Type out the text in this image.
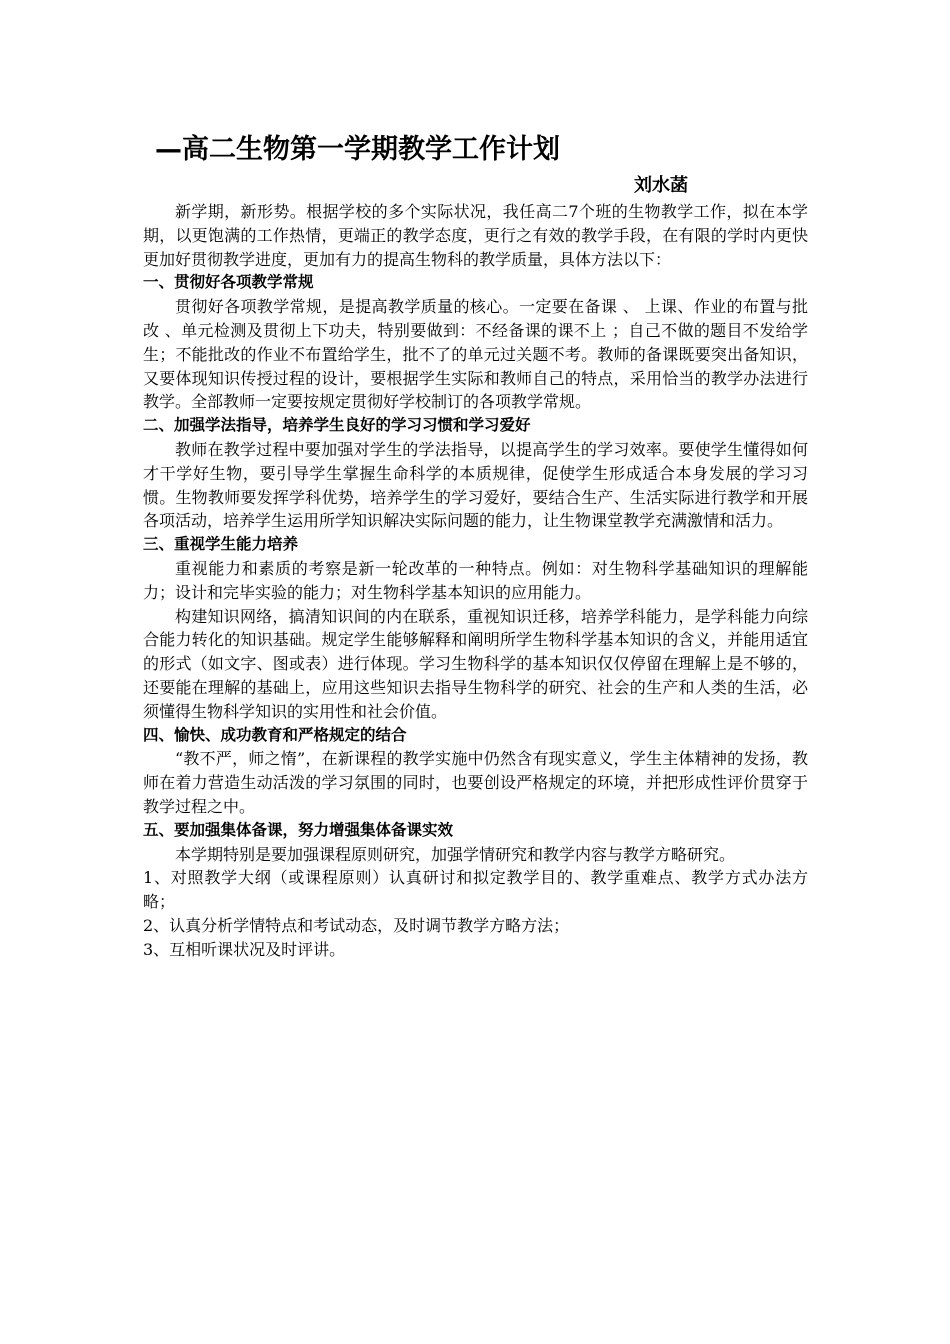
—高二生物第一学期教学工作计划
刘水菡

新学期，新形势。根据学校的多个实际状况，我任高二7个班的生物教学工作，拟在本学期，以更饱满的工作热情，更端正的教学态度，更行之有效的教学手段，在有限的学时内更快更加好贯彻教学进度，更加有力的提高生物科的教学质量，具体方法以下：

一、贯彻好各项教学常规

贯彻好各项教学常规，是提高教学质量的核心。一定要在备课 、 上课、作业的布置与批改 、单元检测及贯彻上下功夫，特别要做到：不经备课的课不上 ；自己不做的题目不发给学生；不能批改的作业不布置给学生，批不了的单元过关题不考。教师的备课既要突出备知识，又要体现知识传授过程的设计，要根据学生实际和教师自己的特点，采用恰当的教学办法进行教学。全部教师一定要按规定贯彻好学校制订的各项教学常规。

二、加强学法指导，培养学生良好的学习习惯和学习爱好

教师在教学过程中要加强对学生的学法指导，以提高学生的学习效率。要使学生懂得如何才干学好生物，要引导学生掌握生命科学的本质规律，促使学生形成适合本身发展的学习习惯。生物教师要发挥学科优势，培养学生的学习爱好，要结合生产、生活实际进行教学和开展各项活动，培养学生运用所学知识解决实际问题的能力，让生物课堂教学充满激情和活力。

三、重视学生能力培养

重视能力和素质的考察是新一轮改革的一种特点。例如：对生物科学基础知识的理解能力；设计和完毕实验的能力；对生物科学基本知识的应用能力。

构建知识网络，搞清知识间的内在联系，重视知识迁移，培养学科能力，是学科能力向综合能力转化的知识基础。规定学生能够解释和阐明所学生物科学基本知识的含义，并能用适宜的形式（如文字、图或表）进行体现。学习生物科学的基本知识仅仅停留在理解上是不够的，还要能在理解的基础上，应用这些知识去指导生物科学的研究、社会的生产和人类的生活，必须懂得生物科学知识的实用性和社会价值。

四、愉快、成功教育和严格规定的结合

“教不严，师之惰”，在新课程的教学实施中仍然含有现实意义，学生主体精神的发扬，教师在着力营造生动活泼的学习氛围的同时，也要创设严格规定的环境，并把形成性评价贯穿于教学过程之中。

五、要加强集体备课，努力增强集体备课实效

本学期特别是要加强课程原则研究，加强学情研究和教学内容与教学方略研究。

1、对照教学大纲（或课程原则）认真研讨和拟定教学目的、教学重难点、教学方式办法方略；

2、认真分析学情特点和考试动态，及时调节教学方略方法；

3、互相听课状况及时评讲。
